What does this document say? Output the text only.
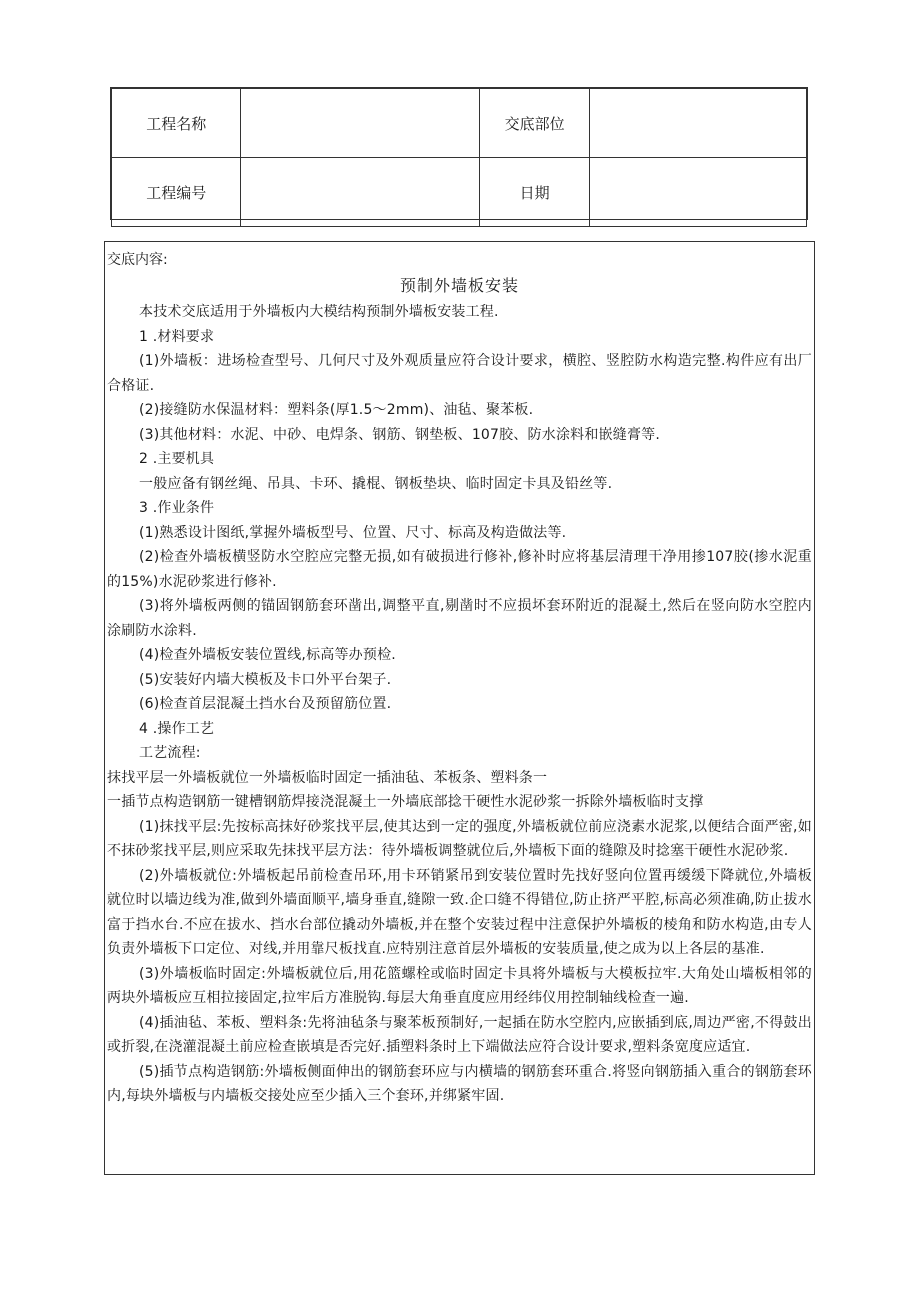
工程名称		交底部位	
工程编号		日期	
交底内容:
预制外墙板安装
本技术交底适用于外墙板内大模结构预制外墙板安装工程.
1 .材料要求
(1)外墙板：进场检查型号、几何尺寸及外观质量应符合设计要求，横腔、竖腔防水构造完整.构件应有出厂合格证.
(2)接缝防水保温材料：塑料条(厚1.5～2mm)、油毡、聚苯板.
(3)其他材料：水泥、中砂、电焊条、钢筋、钢垫板、107胶、防水涂料和嵌缝膏等.
2 .主要机具
一般应备有钢丝绳、吊具、卡环、撬棍、钢板垫块、临时固定卡具及铅丝等.
3 .作业条件
(1)熟悉设计图纸,掌握外墙板型号、位置、尺寸、标高及构造做法等.
(2)检查外墙板横竖防水空腔应完整无损,如有破损进行修补,修补时应将基层清理干净用掺107胶(掺水泥重的15%)水泥砂浆进行修补.
(3)将外墙板两侧的锚固钢筋套环凿出,调整平直,剔凿时不应损坏套环附近的混凝土,然后在竖向防水空腔内涂刷防水涂料.
(4)检查外墙板安装位置线,标高等办预检.
(5)安装好内墙大模板及卡口外平台架子.
(6)检查首层混凝土挡水台及预留筋位置.
4 .操作工艺
工艺流程:
抹找平层一外墙板就位一外墙板临时固定一插油毡、苯板条、塑料条一
一插节点构造钢筋一键槽钢筋焊接浇混凝土一外墙底部捻干硬性水泥砂浆一拆除外墙板临时支撑
(1)抹找平层:先按标高抹好砂浆找平层,使其达到一定的强度,外墙板就位前应浇素水泥浆,以便结合面严密,如不抹砂浆找平层,则应采取先抹找平层方法：待外墙板调整就位后,外墙板下面的缝隙及时捻塞干硬性水泥砂浆.
(2)外墙板就位:外墙板起吊前检查吊环,用卡环销紧吊到安装位置时先找好竖向位置再缓缓下降就位,外墙板就位时以墙边线为准,做到外墙面顺平,墙身垂直,缝隙一致.企口缝不得错位,防止挤严平腔,标高必须准确,防止拔水富于挡水台.不应在拔水、挡水台部位撬动外墙板,并在整个安装过程中注意保护外墙板的棱角和防水构造,由专人负责外墙板下口定位、对线,并用靠尺板找直.应特别注意首层外墙板的安装质量,使之成为以上各层的基准.
(3)外墙板临时固定:外墙板就位后,用花篮螺栓或临时固定卡具将外墙板与大模板拉牢.大角处山墙板相邻的两块外墙板应互相拉接固定,拉牢后方准脱钩.每层大角垂直度应用经纬仪用控制轴线检查一遍.
(4)插油毡、苯板、塑料条:先将油毡条与聚苯板预制好,一起插在防水空腔内,应嵌插到底,周边严密,不得鼓出或折裂,在浇灌混凝土前应检查嵌填是否完好.插塑料条时上下端做法应符合设计要求,塑料条宽度应适宜.
(5)插节点构造钢筋:外墙板侧面伸出的钢筋套环应与内横墙的钢筋套环重合.将竖向钢筋插入重合的钢筋套环内,每块外墙板与内墙板交接处应至少插入三个套环,并绑紧牢固.
